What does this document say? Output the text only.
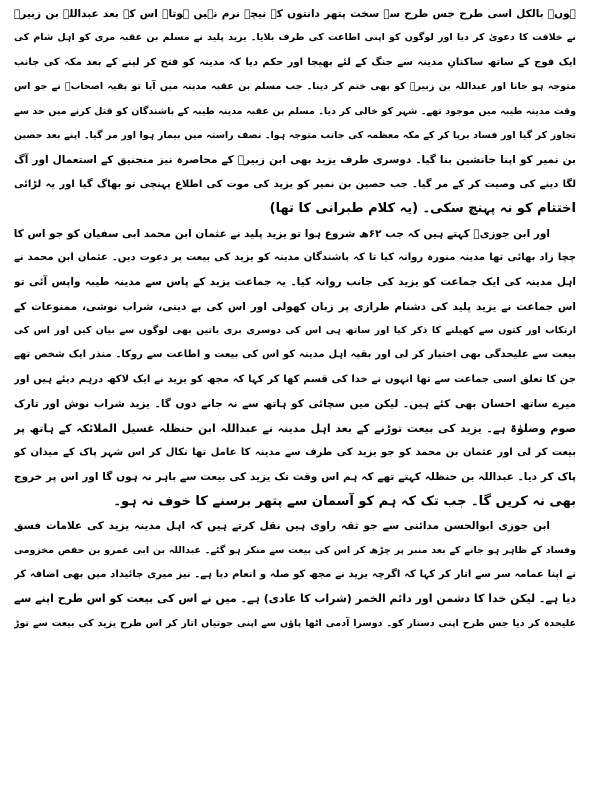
ہوں۔ بالکل اسی طرح جس طرح سے سخت پتھر دانتوں کے نیچے نرم نہیں ہوتا۔ اس کے بعد عبداللہ بن زبیرؓ
نے خلافت کا دعویٰ کر دیا اور لوگوں کو اپنی اطاعت کی طرف بلایا۔ یزید پلید نے مسلم بن عقبہ مری کو اہل شام کی
ایک فوج کے ساتھ ساکنانِ مدینہ سے جنگ کے لئے بھیجا اور حکم دیا کہ مدینہ کو فتح کر لینے کے بعد مکہ کی جانب
متوجہ ہو جانا اور عبداللہ بن زبیرؓ کو بھی ختم کر دینا۔ جب مسلم بن عقبہ مدینہ میں آیا تو بقیہ اصحابؓ نے جو اس
وقت مدینہ طیبہ میں موجود تھے۔ شہر کو خالی کر دیا۔ مسلم بن عقبہ مدینہ طیبہ کے باشندگان کو قتل کرنے میں حد سے
تجاوز کر گیا اور فساد برپا کر کے مکہ معظمہ کی جانب متوجہ ہوا۔ نصف راستہ میں بیمار ہوا اور مر گیا۔ اپنے بعد حصین
بن نمیر کو اپنا جانشین بنا گیا۔ دوسری طرف یزید بھی ابن زبیرؓ کے محاصرہ نیز منجنیق کے استعمال اور آگ
لگا دینے کی وصیت کر کے مر گیا۔ جب حصین بن نمیر کو یزید کی موت کی اطلاع پہنچی تو بھاگ گیا اور یہ لڑائی
اختتام کو نہ پہنچ سکی۔ (یہ کلام طبرانی کا تھا)
اور ابن جوزیؒ کہتے ہیں کہ جب ۶۲ھ شروع ہوا تو یزید پلید نے عثمان ابن محمد ابی سفیان کو جو اس کا
چچا زاد بھائی تھا مدینہ منورہ روانہ کیا تا کہ باشندگان مدینہ کو یزید کی بیعت پر دعوت دیں۔ عثمان ابن محمد نے
اہل مدینہ کی ایک جماعت کو یزید کی جانب روانہ کیا۔ یہ جماعت یزید کے پاس سے مدینہ طیبہ واپس آئی تو
اس جماعت نے یزید پلید کی دشنام طرازی پر زبان کھولی اور اس کی بے دینی، شراب نوشی، ممنوعات کے
ارتکاب اور کتوں سے کھیلنے کا ذکر کیا اور ساتھ ہی اس کی دوسری بری باتیں بھی لوگوں سے بیان کیں اور اس کی
بیعت سے علیحدگی بھی اختیار کر لی اور بقیہ اہل مدینہ کو اس کی بیعت و اطاعت سے روکا۔ منذر ایک شخص تھے
جن کا تعلق اسی جماعت سے تھا انہوں نے خدا کی قسم کھا کر کہا کہ مجھ کو یزید نے ایک لاکھ درہم دیئے ہیں اور
میرے ساتھ احسان بھی کئے ہیں۔ لیکن میں سچائی کو ہاتھ سے نہ جانے دوں گا۔ یزید شراب نوش اور تارک
صوم وصلوٰۃ ہے۔ یزید کی بیعت توڑنے کے بعد اہل مدینہ نے عبداللہ ابن حنظلہ غسیل الملائکہ کے ہاتھ پر
بیعت کر لی اور عثمان بن محمد کو جو یزید کی طرف سے مدینہ کا عامل تھا نکال کر اس شہر پاک کے میدان کو
پاک کر دیا۔ عبداللہ بن حنظلہ کہتے تھے کہ ہم اس وقت تک یزید کی بیعت سے باہر نہ ہوں گا اور اس پر خروج
بھی نہ کریں گا۔ جب تک کہ ہم کو آسمان سے پتھر برسنے کا خوف نہ ہو۔
ابن جوزی ابوالحسن مدائنی سے جو ثقہ راوی ہیں نقل کرتے ہیں کہ اہل مدینہ یزید کی علامات فسق
وفساد کے ظاہر ہو جانے کے بعد منبر پر چڑھ کر اس کی بیعت سے منکر ہو گئے۔ عبداللہ بن ابی عمرو بن حفص مخزومی
نے اپنا عمامہ سر سے اتار کر کہا کہ اگرچہ یزید نے مجھ کو صلہ و انعام دیا ہے۔ نیز میری جائیداد میں بھی اضافہ کر
دیا ہے۔ لیکن خدا کا دشمن اور دائم الخمر (شراب کا عادی) ہے۔ میں نے اس کی بیعت کو اس طرح اپنے سے
علیحدہ کر دیا جس طرح اپنی دستار کو۔ دوسرا آدمی اٹھا پاؤں سے اپنی جوتیاں اتار کر اس طرح یزید کی بیعت سے توڑ
